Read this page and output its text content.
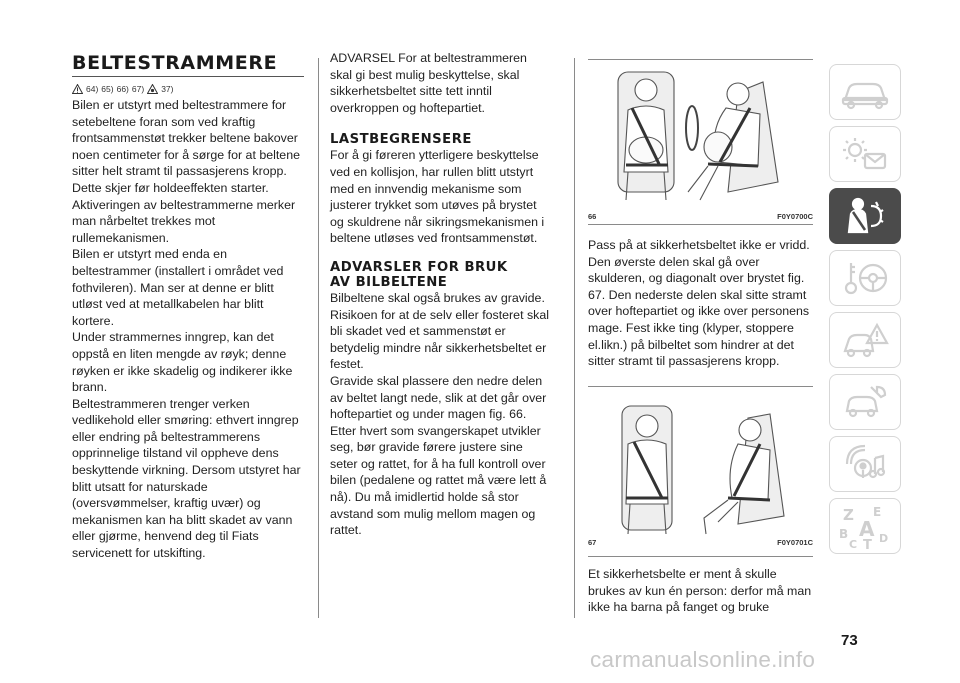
BELTESTRAMMERE
64) 65) 66) 67) 37)

Bilen er utstyrt med beltestrammere for setebeltene foran som ved kraftig frontsammenstøt trekker beltene bakover noen centimeter for å sørge for at beltene sitter helt stramt til passasjerens kropp. Dette skjer før holdeeffekten starter.

Aktiveringen av beltestrammerne merker man nårbeltet trekkes mot rullemekanismen.

Bilen er utstyrt med enda en beltestrammer (installert i området ved fothvileren). Man ser at denne er blitt utløst ved at metallkabelen har blitt kortere.

Under strammernes inngrep, kan det oppstå en liten mengde av røyk; denne røyken er ikke skadelig og indikerer ikke brann.

Beltestrammeren trenger verken vedlikehold eller smøring: ethvert inngrep eller endring på beltestrammerens opprinnelige tilstand vil oppheve dens beskyttende virkning. Dersom utstyret har blitt utsatt for naturskade (oversvømmelser, kraftig uvær) og mekanismen kan ha blitt skadet av vann eller gjørme, henvend deg til Fiats servicenett for utskifting.

ADVARSEL For at beltestrammeren skal gi best mulig beskyttelse, skal sikkerhetsbeltet sitte tett inntil overkroppen og hoftepartiet.

LASTBEGRENSERE

For å gi føreren ytterligere beskyttelse ved en kollisjon, har rullen blitt utstyrt med en innvendig mekanisme som justerer trykket som utøves på brystet og skuldrene når sikringsmekanismen i beltene utløses ved frontsammenstøt.

ADVARSLER FOR BRUK

AV BILBELTENE

Bilbeltene skal også brukes av gravide. Risikoen for at de selv eller fosteret skal bli skadet ved et sammenstøt er betydelig mindre når sikkerhetsbeltet er festet.

Gravide skal plassere den nedre delen av beltet langt nede, slik at det går over hoftepartiet og under magen fig. 66.

Etter hvert som svangerskapet utvikler seg, bør gravide førere justere sine seter og rattet, for å ha full kontroll over bilen (pedalene og rattet må være lett å nå). Du må imidlertid holde så stor avstand som mulig mellom magen og rattet.

66	F0Y0700C

Pass på at sikkerhetsbeltet ikke er vridd. Den øverste delen skal gå over skulderen, og diagonalt over brystet fig. 67. Den nederste delen skal sitte stramt over hoftepartiet og ikke over personens mage. Fest ikke ting (klyper, stoppere el.likn.) på bilbeltet som hindrer at det sitter stramt til passasjerens kropp.

67	F0Y0701C

Et sikkerhetsbelte er ment å skulle brukes av kun én person: derfor må man ikke ha barna på fanget og bruke

Z E
B A
C T D
73
carmanualsonline.info
